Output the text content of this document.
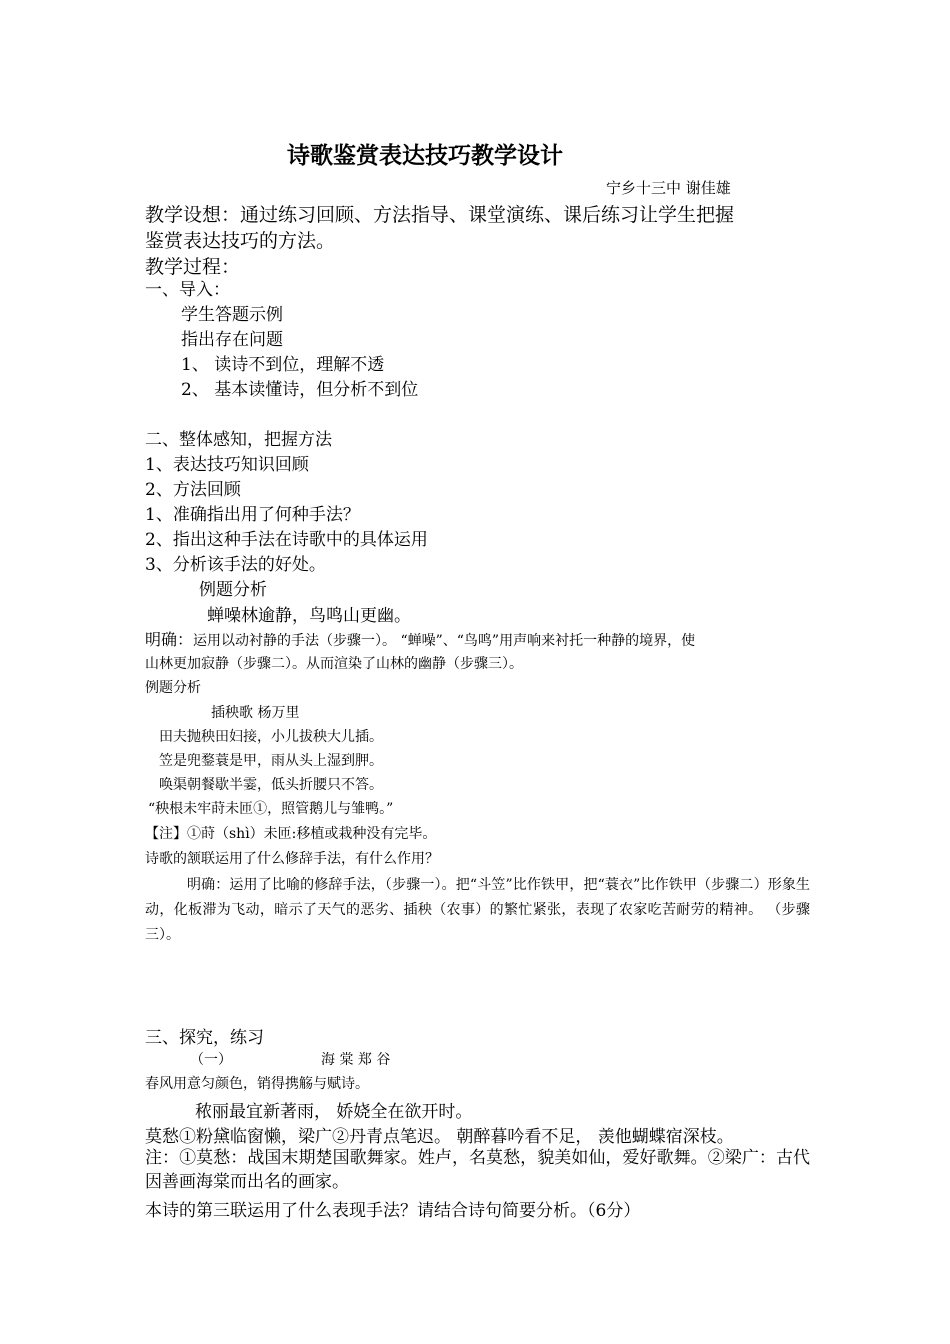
诗歌鉴赏表达技巧教学设计
宁乡十三中 谢佳雄
教学设想：通过练习回顾、方法指导、课堂演练、课后练习让学生把握
鉴赏表达技巧的方法。
教学过程：
一、导入：
学生答题示例
指出存在问题
1、 读诗不到位，理解不透
2、 基本读懂诗，但分析不到位
二、整体感知，把握方法
1、表达技巧知识回顾
2、方法回顾
1、准确指出用了何种手法？
2、指出这种手法在诗歌中的具体运用
3、分析该手法的好处。
例题分析
蝉噪林逾静，鸟鸣山更幽。
明确：运用以动衬静的手法（步骤一）。 “蝉噪”、“鸟鸣”用声响来衬托一种静的境界，使
山林更加寂静（步骤二）。从而渲染了山林的幽静（步骤三）。
例题分析
插秧歌 杨万里
田夫抛秧田妇接，小儿拔秧大儿插。
笠是兜鍪蓑是甲，雨从头上湿到胛。
唤渠朝餐歇半霎，低头折腰只不答。
“秧根未牢莳未匝①，照管鹅儿与雏鸭。”
【注】①莳（shì）未匝:移植或栽种没有完毕。
诗歌的颔联运用了什么修辞手法，有什么作用？
明确：运用了比喻的修辞手法，（步骤一）。把“斗笠”比作铁甲，把“蓑衣”比作铁甲（步骤二）形象生动，化板滞为飞动，暗示了天气的恶劣、插秧（农事）的繁忙紧张，表现了农家吃苦耐劳的精神。 （步骤三）。
三、探究，练习
（一）	海 棠 郑 谷
春风用意匀颜色，销得携觞与赋诗。
秾丽最宜新著雨， 娇娆全在欲开时。
莫愁①粉黛临窗懒，梁广②丹青点笔迟。 朝醉暮吟看不足， 羡他蝴蝶宿深枝。
注：①莫愁：战国末期楚国歌舞家。姓卢，名莫愁，貌美如仙，爱好歌舞。②梁广：古代因善画海棠而出名的画家。
本诗的第三联运用了什么表现手法？请结合诗句简要分析。（6分）
